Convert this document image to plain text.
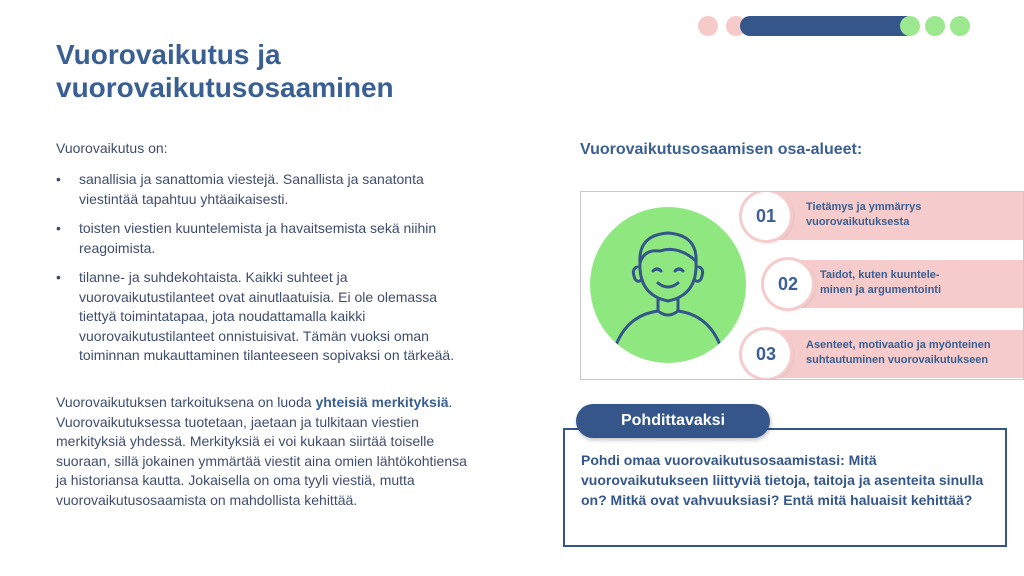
Vuorovaikutus ja vuorovaikutusosaaminen
Vuorovaikutus on:
• sanallisia ja sanattomia viestejä. Sanallista ja sanatonta viestintää tapahtuu yhtäaikaisesti.
• toisten viestien kuuntelemista ja havaitsemista sekä niihin reagoimista.
• tilanne- ja suhdekohtaista. Kaikki suhteet ja vuorovaikutustilanteet ovat ainutlaatuisia. Ei ole olemassa tiettyä toimintatapaa, jota noudattamalla kaikki vuorovaikutustilanteet onnistuisivat. Tämän vuoksi oman toiminnan mukauttaminen tilanteeseen sopivaksi on tärkeää.
Vuorovaikutuksen tarkoituksena on luoda yhteisiä merkityksiä. Vuorovaikutuksessa tuotetaan, jaetaan ja tulkitaan viestien merkityksiä yhdessä. Merkityksiä ei voi kukaan siirtää toiselle suoraan, sillä jokainen ymmärtää viestit aina omien lähtökohtiensa ja historiansa kautta. Jokaisella on oma tyyli viestiä, mutta vuorovaikutusosaamista on mahdollista kehittää.
Vuorovaikutusosaamisen osa-alueet:
01	Tietämys ja ymmärrys
vuorovaikutuksesta
02	Taidot, kuten kuuntele-
minen ja argumentointi
03	Asenteet, motivaatio ja myönteinen
suhtautuminen vuorovaikutukseen
Pohdi omaa vuorovaikutusosaamistasi: Mitä vuorovaikutukseen liittyviä tietoja, taitoja ja asenteita sinulla on? Mitkä ovat vahvuuksiasi? Entä mitä haluaisit kehittää?
Pohdittavaksi
